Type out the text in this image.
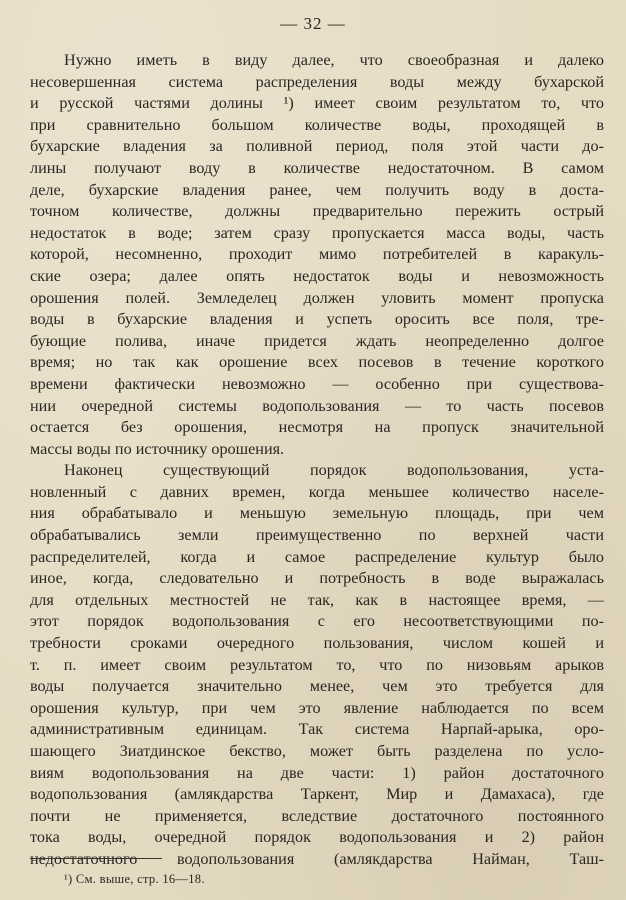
— 32 —
Нужно иметь в виду далее, что своеобразная и далеко
несовершенная система распределения воды между бухарской
и русской частями долины ¹) имеет своим результатом то, что
при сравнительно большом количестве воды, проходящей в
бухарские владения за поливной период, поля этой части до-
лины получают воду в количестве недостаточном. В самом
деле, бухарские владения ранее, чем получить воду в доста-
точном количестве, должны предварительно пережить острый
недостаток в воде; затем сразу пропускается масса воды, часть
которой, несомненно, проходит мимо потребителей в каракуль-
ские озера; далее опять недостаток воды и невозможность
орошения полей. Земледелец должен уловить момент пропуска
воды в бухарские владения и успеть оросить все поля, тре-
бующие полива, иначе придется ждать неопределенно долгое
время; но так как орошение всех посевов в течение короткого
времени фактически невозможно — особенно при существова-
нии очередной системы водопользования — то часть посевов
остается без орошения, несмотря на пропуск значительной
массы воды по источнику орошения.
Наконец существующий порядок водопользования, уста-
новленный с давних времен, когда меньшее количество населе-
ния обрабатывало и меньшую земельную площадь, при чем
обрабатывались земли преимущественно по верхней части
распределителей, когда и самое распределение культур было
иное, когда, следовательно и потребность в воде выражалась
для отдельных местностей не так, как в настоящее время, —
этот порядок водопользования с его несоответствующими по-
требности сроками очередного пользования, числом кошей и
т. п. имеет своим результатом то, что по низовьям арыков
воды получается значительно менее, чем это требуется для
орошения культур, при чем это явление наблюдается по всем
административным единицам. Так система Нарпай-арыка, оро-
шающего Зиатдинское бекство, может быть разделена по усло-
виям водопользования на две части: 1) район достаточного
водопользования (амлякдарства Таркент, Мир и Дамахаса), где
почти не применяется, вследствие достаточного постоянного
тока воды, очередной порядок водопользования и 2) район
недостаточного водопользования (амлякдарства Найман, Таш-
¹) См. выше, стр. 16—18.
